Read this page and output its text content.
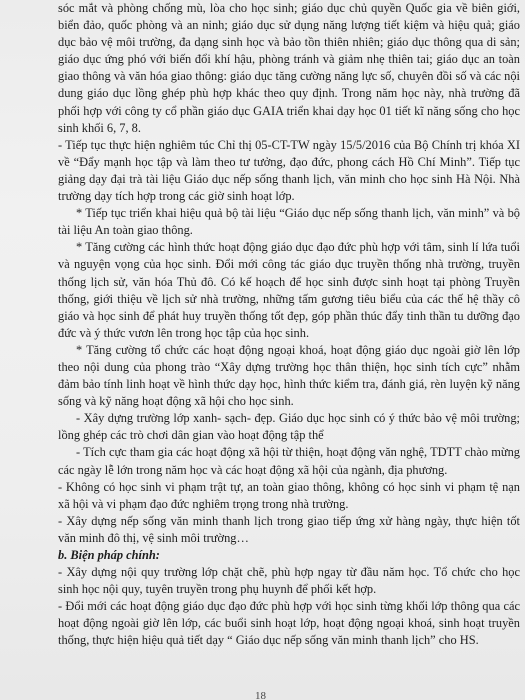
sóc mắt và phòng chống mù, lòa cho học sinh; giáo dục chủ quyền Quốc gia về biên giới, biển đảo, quốc phòng và an ninh; giáo dục sử dụng năng lượng tiết kiệm và hiệu quả; giáo dục bảo vệ môi trường, đa dạng sinh học và bảo tồn thiên nhiên; giáo dục thông qua di sản; giáo dục ứng phó với biến đổi khí hậu, phòng tránh và giảm nhẹ thiên tai; giáo dục an toàn giao thông và văn hóa giao thông: giáo dục tăng cường năng lực số, chuyên đồi số và các nội dung giáo dục lồng ghép phù hợp khác theo quy định. Trong năm học này, nhà trường đã phối hợp với công ty cổ phần giáo dục GAIA triển khai dạy học 01 tiết kĩ năng sống cho học sinh khối 6, 7, 8.

- Tiếp tục thực hiện nghiêm túc Chỉ thị 05-CT-TW ngày 15/5/2016 của Bộ Chính trị khóa XI về “Đẩy mạnh học tập và làm theo tư tưởng, đạo đức, phong cách Hồ Chí Minh”. Tiếp tục giảng dạy đại trà tài liệu Giáo dục nếp sống thanh lịch, văn minh cho học sinh Hà Nội. Nhà trường dạy tích hợp trong các giờ sinh hoạt lớp.

* Tiếp tục triển khai hiệu quả bộ tài liệu “Giáo dục nếp sống thanh lịch, văn minh” và bộ tài liệu An toàn giao thông.

* Tăng cường các hình thức hoạt động giáo dục đạo đức phù hợp với tâm, sinh lí lứa tuổi và nguyện vọng của học sinh. Đổi mới công tác giáo dục truyền thống nhà trường, truyền thống lịch sử, văn hóa Thủ đô. Có kế hoạch để học sinh được sinh hoạt tại phòng Truyền thống, giới thiệu về lịch sử nhà trường, những tấm gương tiêu biểu của các thế hệ thầy cô giáo và học sinh để phát huy truyền thống tốt đẹp, góp phần thúc đẩy tinh thần tu dưỡng đạo đức và ý thức vươn lên trong học tập của học sinh.

* Tăng cường tổ chức các hoạt động ngoại khoá, hoạt động giáo dục ngoài giờ lên lớp theo nội dung của phong trào “Xây dựng trường học thân thiện, học sinh tích cực” nhằm đảm bảo tính linh hoạt về hình thức dạy học, hình thức kiểm tra, đánh giá, rèn luyện kỹ năng sống và kỹ năng hoạt động xã hội cho học sinh.

- Xây dựng trường lớp xanh- sạch- đẹp. Giáo dục học sinh có ý thức bảo vệ môi trường; lồng ghép các trò chơi dân gian vào hoạt động tập thể

- Tích cực tham gia các hoạt động xã hội từ thiện, hoạt động văn nghệ, TDTT chào mừng các ngày lễ lớn trong năm học và các hoạt động xã hội của ngành, địa phương.

- Không có học sinh vi phạm trật tự, an toàn giao thông, không có học sinh vi phạm tệ nạn xã hội và vi phạm đạo đức nghiêm trọng trong nhà trường.

- Xây dựng nếp sống văn minh thanh lịch trong giao tiếp ứng xử hàng ngày, thực hiện tốt văn minh đô thị, vệ sinh môi trường…

b. Biện pháp chính:

- Xây dựng nội quy trường lớp chặt chẽ, phù hợp ngay từ đầu năm học. Tổ chức cho học sinh học nội quy, tuyên truyền trong phụ huynh để phối kết hợp.

- Đổi mới các hoạt động giáo dục đạo đức phù hợp với học sinh từng khối lớp thông qua các hoạt động ngoài giờ lên lớp, các buổi sinh hoạt lớp, hoạt động ngoại khoá, sinh hoạt truyền thống, thực hiện hiệu quả tiết dạy “ Giáo dục nếp sống văn minh thanh lịch” cho HS.

18
